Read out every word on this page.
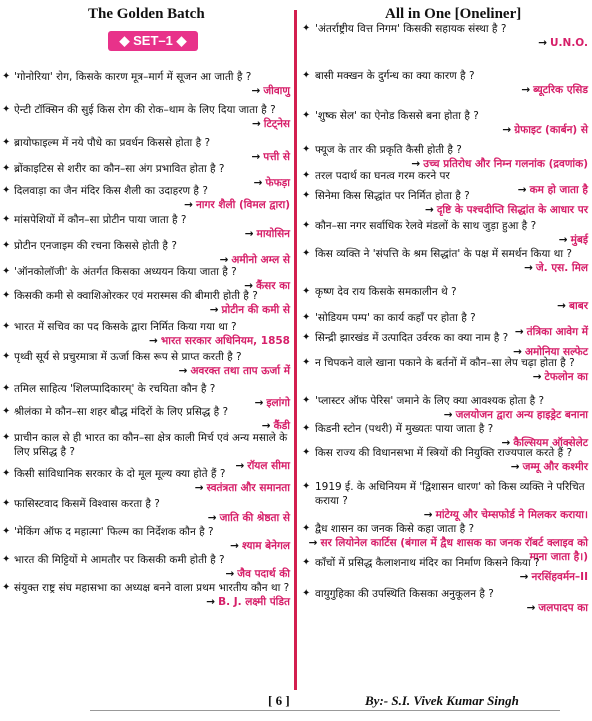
The Golden Batch
◆ SET–1 ◆
All in One [Oneliner]
✦ 'गोनोरिया' रोग, किसके कारण मूत्र–मार्ग में सूजन आ जाती है ?
→ जीवाणु
✦ ऐन्टी टॉक्सिन की सुई किस रोग की रोक–थाम के लिए दिया जाता है ?
→ टिट्नेस
✦ ब्रायोफाइल्म में नये पौधे का प्रवर्धन किससे होता है ?
→ पत्ती से
✦ ब्रोंकाइटिस से शरीर का कौन–सा अंग प्रभावित होता है ?
→ फेफड़ा
✦ दिलवाड़ा का जैन मंदिर किस शैली का उदाहरण है ?
→ नागर शैली (विमल द्वारा)
✦ मांसपेशियों में कौन–सा प्रोटीन पाया जाता है ?
→ मायोसिन
✦ प्रोटीन एनजाइम की रचना किससे होती है ?
→ अमीनो अम्ल से
✦ 'ऑनकोलॉजी' के अंतर्गत किसका अध्ययन किया जाता है ?
→ कैंसर का
✦ किसकी कमी से क्वाशिओरकर एवं मरास्मस की बीमारी होती है ?
→ प्रोटीन की कमी से
✦ भारत में सचिव का पद किसके द्वारा निर्मित किया गया था ?
→ भारत सरकार अधिनियम, 1858
✦ पृथ्वी सूर्य से प्रचुरमात्रा में ऊर्जा किस रूप से प्राप्त करती है ?
→ अवरक्त तथा ताप ऊर्जा में
✦ तमिल साहित्य 'शिलप्पादिकारम्' के रचयिता कौन है ?
→ इलांगो
✦ श्रीलंका मे कौन–सा शहर बौद्ध मंदिरों के लिए प्रसिद्ध है ?
→ कैंडी
✦ प्राचीन काल से ही भारत का कौन–सा क्षेत्र काली मिर्च एवं अन्य मसाले के लिए प्रसिद्ध है ?
→ रॉयल सीमा
✦ किसी सांविधानिक सरकार के दो मूल मूल्य क्या होते हैं ?
→ स्वतंत्रता और समानता
✦ फासिस्टवाद किसमें विश्वास करता है ?
→ जाति की श्रेष्ठता से
✦ 'मेकिंग ऑफ द महात्मा' फिल्म का निर्देशक कौन है ?
→ श्याम बेनेगल
✦ भारत की मिट्टियों मे आमतौर पर किसकी कमी होती है ?
→ जैव पदार्थ की
✦ संयुक्त राष्ट्र संघ महासभा का अध्यक्ष बनने वाला प्रथम भारतीय कौन था ?
→ B. J. लक्ष्मी पंडित
✦ 'अंतर्राष्ट्रीय वित्त निगम' किसकी सहायक संस्था है ?
→ U.N.O.
✦ बासी मक्खन के दुर्गन्ध का क्या कारण है ?
→ ब्यूटरिक एसिड
✦ 'शुष्क सेल' का ऐनोड किससे बना होता है ?
→ ग्रेफाइट (कार्बन) से
✦ फ्यूज के तार की प्रकृति कैसी होती है ?
→ उच्च प्रतिरोध और निम्न गलनांक (द्रवणांक)
✦ तरल पदार्थ का घनत्व गरम करने पर
→ कम हो जाता है
✦ सिनेमा किस सिद्धांत पर निर्मित होता है ?
→ दृष्टि के पश्चदीप्ति सिद्धांत के आधार पर
✦ कौन–सा नगर सर्वाधिक रेलवे मंडलों के साथ जुड़ा हुआ है ?
→ मुंबई
✦ किस व्यक्ति ने 'संपत्ति के श्रम सिद्धांत' के पक्ष में समर्थन किया था ?
→ जे. एस. मिल
✦ कृष्ण देव राय किसके समकालीन थे ?
→ बाबर
✦ 'सोडियम पम्प' का कार्य कहाँ पर होता है ?
→ तंत्रिका आवेग में
✦ सिन्द्री झारखंड में उत्पादित उर्वरक का क्या नाम है ?
→ अमोनिया सल्फेट
✦ न चिपकने वाले खाना पकाने के बर्तनों में कौन–सा लेप चढ़ा होता है ?
→ टेफलोन का
✦ 'प्लास्टर ऑफ पेरिस' जमाने के लिए क्या आवश्यक होता है ?
→ जलयोजन द्वारा अन्य हाइड्रेट बनाना
✦ किडनी स्टोन (पथरी) में मुख्यतः पाया जाता है ?
→ कैल्सियम ऑक्सेलेट
✦ किस राज्य की विधानसभा में स्त्रियों की नियुक्ति राज्यपाल करते हैं ?
→ जम्मू और कश्मीर
✦ 1919 ई. के अधिनियम में 'द्विशासन धारण' को किस व्यक्ति ने परिचित कराया ?
→ मांटेग्यू और चेम्सफोर्ड ने मिलकर कराया।
✦ द्वैध शासन का जनक किसे कहा जाता है ?
→ सर लियोनेल कार्टिस (बंगाल में द्वैध शासक का जनक रॉबर्ट क्लाइव को माना जाता है।)
✦ काँचों में प्रसिद्ध कैलाशनाथ मंदिर का निर्माण किसने किया ?
→ नरसिंहवर्मन–II
✦ वायुगुहिका की उपस्थिति किसका अनुकूलन है ?
→ जलपादप का
[ 6 ]	By:- S.I. Vivek Kumar Singh
